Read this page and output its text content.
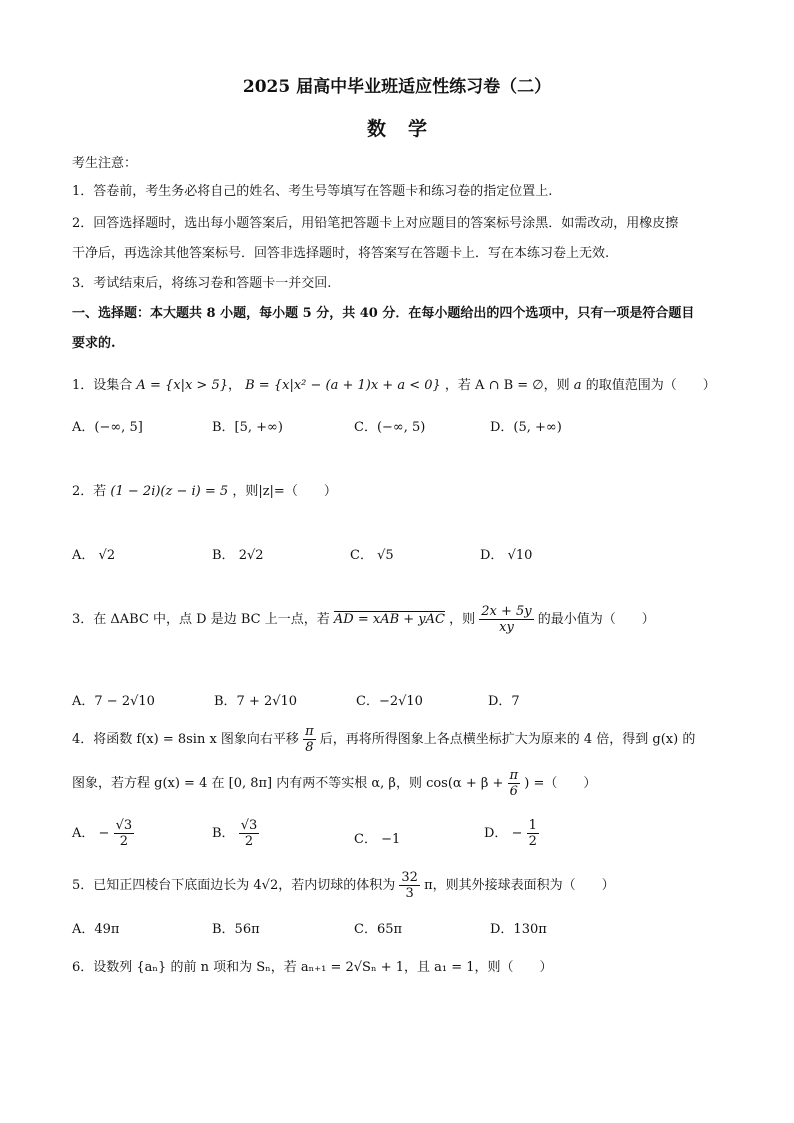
2025 届高中毕业班适应性练习卷（二）
数学
考生注意：
1．答卷前，考生务必将自己的姓名、考生号等填写在答题卡和练习卷的指定位置上.
2．回答选择题时，选出每小题答案后，用铅笔把答题卡上对应题目的答案标号涂黑．如需改动，用橡皮擦
干净后，再选涂其他答案标号．回答非选择题时，将答案写在答题卡上．写在本练习卷上无效.
3．考试结束后，将练习卷和答题卡一并交回.
一、选择题：本大题共 8 小题，每小题 5 分，共 40 分．在每小题给出的四个选项中，只有一项是符合题目
要求的.
1．设集合 A = {x|x > 5}， B = {x|x² − (a + 1)x + a < 0} ，若 A ∩ B = ∅，则 a 的取值范围为（　　）
A．(−∞, 5]	B．[5, +∞)	C．(−∞, 5)	D．(5, +∞)
2．若 (1 − 2i)(z − i) = 5 ，则|z|=（　　）
A． √2	B． 2√2	C． √5	D． √10
3．在 ΔABC 中，点 D 是边 BC 上一点，若 AD = xAB + yAC ，则 $\frac{2x + 5y}{xy}$ 的最小值为（　　）
A．7 − 2√10	B．7 + 2√10	C．−2√10	D．7
4．将函数 f(x) = 8sin x 图象向右平移 $\frac{\pi}{8}$ 后，再将所得图象上各点横坐标扩大为原来的 4 倍，得到 g(x) 的
图象，若方程 g(x) = 4 在 [0, 8π] 内有两不等实根 α, β，则 $\cos(\alpha + \beta + \frac{\pi}{6}$ ) =（　　）
A． − $\frac{√3}{2}$	B． $\frac{√3}{2}$	C． −1	D． − $\frac{1}{2}$
5．已知正四棱台下底面边长为 4√2，若内切球的体积为 $\frac{32}{3}$ π，则其外接球表面积为（　　）
A．49π	B．56π	C．65π	D．130π
6．设数列 {aₙ} 的前 n 项和为 Sₙ，若 aₙ₊₁ = 2√Sₙ + 1，且 a₁ = 1，则（　　）
